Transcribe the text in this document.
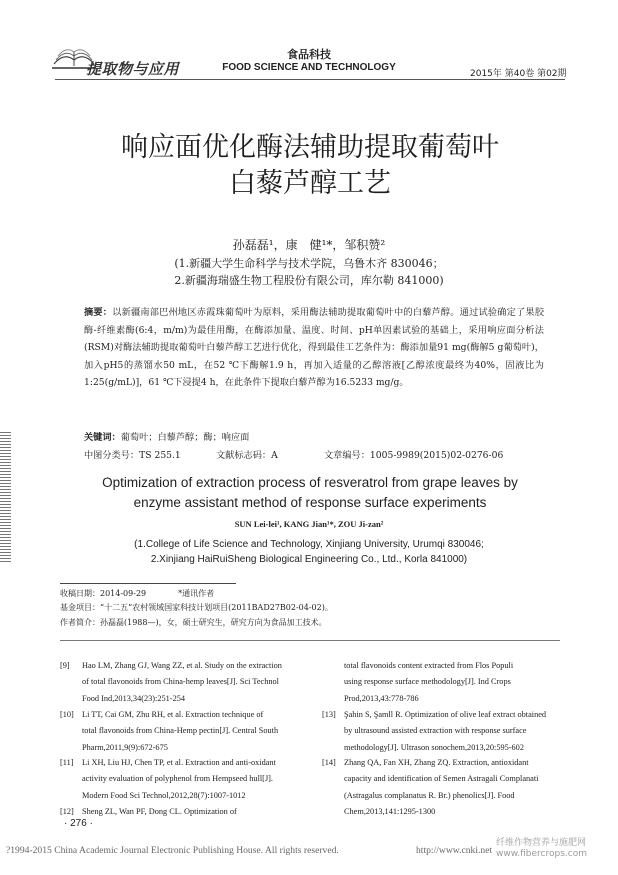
提取物与应用
食品科技
FOOD SCIENCE AND TECHNOLOGY
2015年 第40卷 第02期
响应面优化酶法辅助提取葡萄叶
白藜芦醇工艺
孙磊磊¹，康　健¹*，邹积赞²
(1.新疆大学生命科学与技术学院，乌鲁木齐 830046；
2.新疆海瑞盛生物工程股份有限公司，库尔勒 841000)
摘要：以新疆南部巴州地区赤霞珠葡萄叶为原料，采用酶法辅助提取葡萄叶中的白藜芦醇。通过试验确定了果胶酶-纤维素酶(6:4，m/m)为最佳用酶，在酶添加量、温度、时间、pH单因素试验的基础上，采用响应面分析法(RSM)对酶法辅助提取葡萄叶白藜芦醇工艺进行优化，得到最佳工艺条件为：酶添加量91 mg(酶解5 g葡萄叶)，加入pH5的蒸馏水50 mL，在52 ℃下酶解1.9 h，再加入适量的乙醇溶液[乙醇浓度最终为40%，固液比为1:25(g/mL)]，61 ℃下浸提4 h，在此条件下提取白藜芦醇为16.5233 mg/g。
关键词：葡萄叶；白藜芦醇；酶；响应面
中图分类号：TS 255.1	文献标志码：A	文章编号：1005-9989(2015)02-0276-06
Optimization of extraction process of resveratrol from grape leaves by
enzyme assistant method of response surface experiments
SUN Lei-lei¹, KANG Jian¹*, ZOU Ji-zan²
(1.College of Life Science and Technology, Xinjiang University, Urumqi 830046;
2.Xinjiang HaiRuiSheng Biological Engineering Co., Ltd., Korla 841000)
收稿日期：2014-09-29　　　　*通讯作者
基金项目：“十二五”农村领域国家科技计划项目(2011BAD27B02-04-02)。
作者简介：孙磊磊(1988—)，女，硕士研究生，研究方向为食品加工技术。
[9] Hao LM, Zhang GJ, Wang ZZ, et al. Study on the extraction
of total flavonoids from China-hemp leaves[J]. Sci Technol
Food Ind,2013,34(23):251-254
[10] Li TT, Cai GM, Zhu RH, et al. Extraction technique of
total flavonoids from China-Hemp pectin[J]. Central South
Pharm,2011,9(9):672-675
[11] Li XH, Liu HJ, Chen TP, et al. Extraction and anti-oxidant
activity evaluation of polyphenol from Hempseed hull[J].
Modern Food Sci Technol,2012,28(7):1007-1012
[12] Sheng ZL, Wan PF, Dong CL. Optimization of
total flavonoids content extracted from Flos Populi
using response surface methodology[J]. Ind Crops
Prod,2013,43:778-786
[13] Şahin S, Şamll R. Optimization of olive leaf extract obtained
by ultrasound assisted extraction with response surface
methodology[J]. Ultrason sonochem,2013,20:595-602
[14] Zhang QA, Fan XH, Zhang ZQ. Extraction, antioxidant
capacity and identification of Semen Astragali Complanati
(Astragalus complanatus R. Br.) phenolics[J]. Food
Chem,2013,141:1295-1300
· 276 ·
?1994-2015 China Academic Journal Electronic Publishing House. All rights reserved.	http://www.cnki.net
纤维作物营养与施肥网
www.fibercrops.com
